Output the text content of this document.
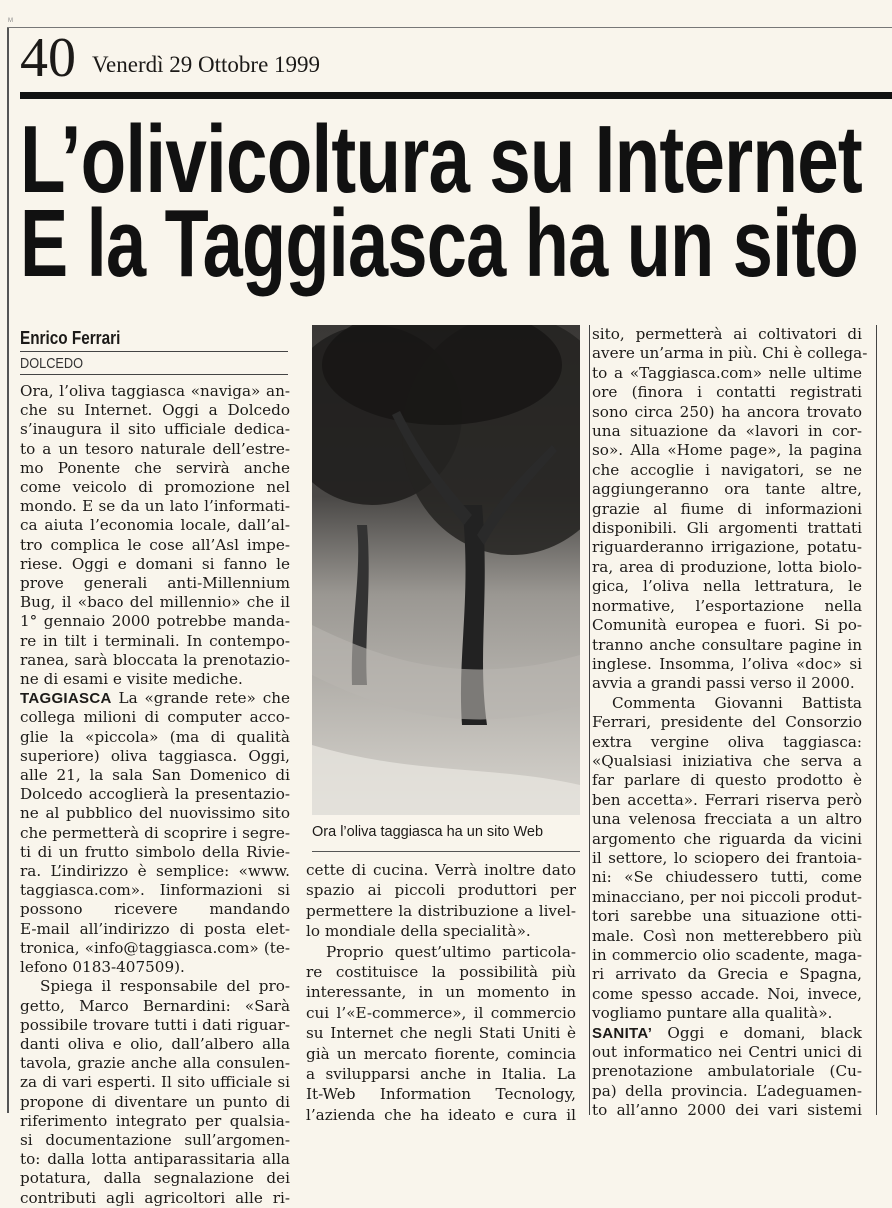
M
40 Venerdì 29 Ottobre 1999
L’olivicoltura su Internet
E la Taggiasca ha un sito
Enrico Ferrari
DOLCEDO
Ora, l’oliva taggiasca «naviga» an-
che su Internet. Oggi a Dolcedo
s’inaugura il sito ufficiale dedica-
to a un tesoro naturale dell’estre-
mo Ponente che servirà anche
come veicolo di promozione nel
mondo. E se da un lato l’informati-
ca aiuta l’economia locale, dall’al-
tro complica le cose all’Asl impe-
riese. Oggi e domani si fanno le
prove generali anti-Millennium
Bug, il «baco del millennio» che il
1° gennaio 2000 potrebbe manda-
re in tilt i terminali. In contempo-
ranea, sarà bloccata la prenotazio-
ne di esami e visite mediche.
TAGGIASCA La «grande rete» che
collega milioni di computer acco-
glie la «piccola» (ma di qualità
superiore) oliva taggiasca. Oggi,
alle 21, la sala San Domenico di
Dolcedo accoglierà la presentazio-
ne al pubblico del nuovissimo sito
che permetterà di scoprire i segre-
ti di un frutto simbolo della Rivie-
ra. L’indirizzo è semplice: «www.
taggiasca.com». Iinformazioni si
possono ricevere mandando
E-mail all’indirizzo di posta elet-
tronica, «info@taggiasca.com» (te-
lefono 0183-407509).
Spiega il responsabile del pro-
getto, Marco Bernardini: «Sarà
possibile trovare tutti i dati riguar-
danti oliva e olio, dall’albero alla
tavola, grazie anche alla consulen-
za di vari esperti. Il sito ufficiale si
propone di diventare un punto di
riferimento integrato per qualsia-
si documentazione sull’argomen-
to: dalla lotta antiparassitaria alla
potatura, dalla segnalazione dei
contributi agli agricoltori alle ri-
Ora l’oliva taggiasca ha un sito Web
cette di cucina. Verrà inoltre dato
spazio ai piccoli produttori per
permettere la distribuzione a livel-
lo mondiale della specialità».
Proprio quest’ultimo particola-
re costituisce la possibilità più
interessante, in un momento in
cui l’«E-commerce», il commercio
su Internet che negli Stati Uniti è
già un mercato fiorente, comincia
a svilupparsi anche in Italia. La
It-Web Information Tecnology,
l’azienda che ha ideato e cura il
sito, permetterà ai coltivatori di
avere un’arma in più. Chi è collega-
to a «Taggiasca.com» nelle ultime
ore (finora i contatti registrati
sono circa 250) ha ancora trovato
una situazione da «lavori in cor-
so». Alla «Home page», la pagina
che accoglie i navigatori, se ne
aggiungeranno ora tante altre,
grazie al fiume di informazioni
disponibili. Gli argomenti trattati
riguarderanno irrigazione, potatu-
ra, area di produzione, lotta biolo-
gica, l’oliva nella lettratura, le
normative, l’esportazione nella
Comunità europea e fuori. Si po-
tranno anche consultare pagine in
inglese. Insomma, l’oliva «doc» si
avvia a grandi passi verso il 2000.
Commenta Giovanni Battista
Ferrari, presidente del Consorzio
extra vergine oliva taggiasca:
«Qualsiasi iniziativa che serva a
far parlare di questo prodotto è
ben accetta». Ferrari riserva però
una velenosa frecciata a un altro
argomento che riguarda da vicini
il settore, lo sciopero dei frantoia-
ni: «Se chiudessero tutti, come
minacciano, per noi piccoli produt-
tori sarebbe una situazione otti-
male. Così non metterebbero più
in commercio olio scadente, maga-
ri arrivato da Grecia e Spagna,
come spesso accade. Noi, invece,
vogliamo puntare alla qualità».
SANITA’ Oggi e domani, black
out informatico nei Centri unici di
prenotazione ambulatoriale (Cu-
pa) della provincia. L’adeguamen-
to all’anno 2000 dei vari sistemi
